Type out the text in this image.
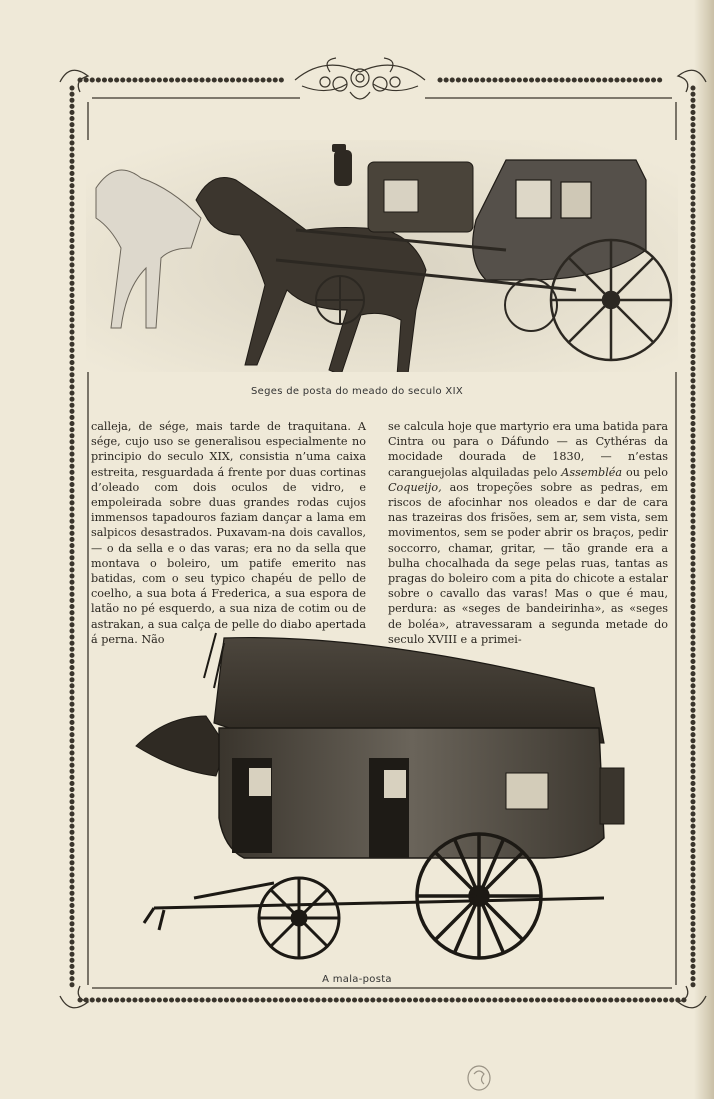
Seges de posta do meado do seculo XIX

calleja, de sége, mais tarde de traquitana. A sége, cujo uso se generalisou especialmente no principio do seculo XIX, consistia n’uma caixa estreita, resguardada á frente por duas cortinas d’oleado com dois oculos de vidro, e empoleirada sobre duas grandes rodas cujos immensos tapadouros faziam dançar a lama em salpicos desastrados. Puxavam-na dois cavallos, — o da sella e o das varas; era no da sella que montava o boleiro, um patife emerito nas batidas, com o seu typico chapéu de pello de coelho, a sua bota á Frederica, a sua espora de latão no pé esquerdo, a sua niza de cotim ou de astrakan, a sua calça de pelle do diabo apertada á perna. Não

se calcula hoje que martyrio era uma batida para Cintra ou para o Dáfundo — as Cythéras da mocidade dourada de 1830, — n’estas caranguejolas alquiladas pelo Assembléa ou pelo Coqueijo, aos tropeções sobre as pedras, em riscos de afocinhar nos oleados e dar de cara nas trazeiras dos frisões, sem ar, sem vista, sem movimentos, sem se poder abrir os braços, pedir soccorro, chamar, gritar, — tão grande era a bulha chocalhada da sege pelas ruas, tantas as pragas do boleiro com a pita do chicote a estalar sobre o cavallo das varas! Mas o que é mau, perdura: as «seges de bandeirinha», as «seges de boléa», atravessaram a segunda metade do seculo XVIII e a primei-

A mala-posta
